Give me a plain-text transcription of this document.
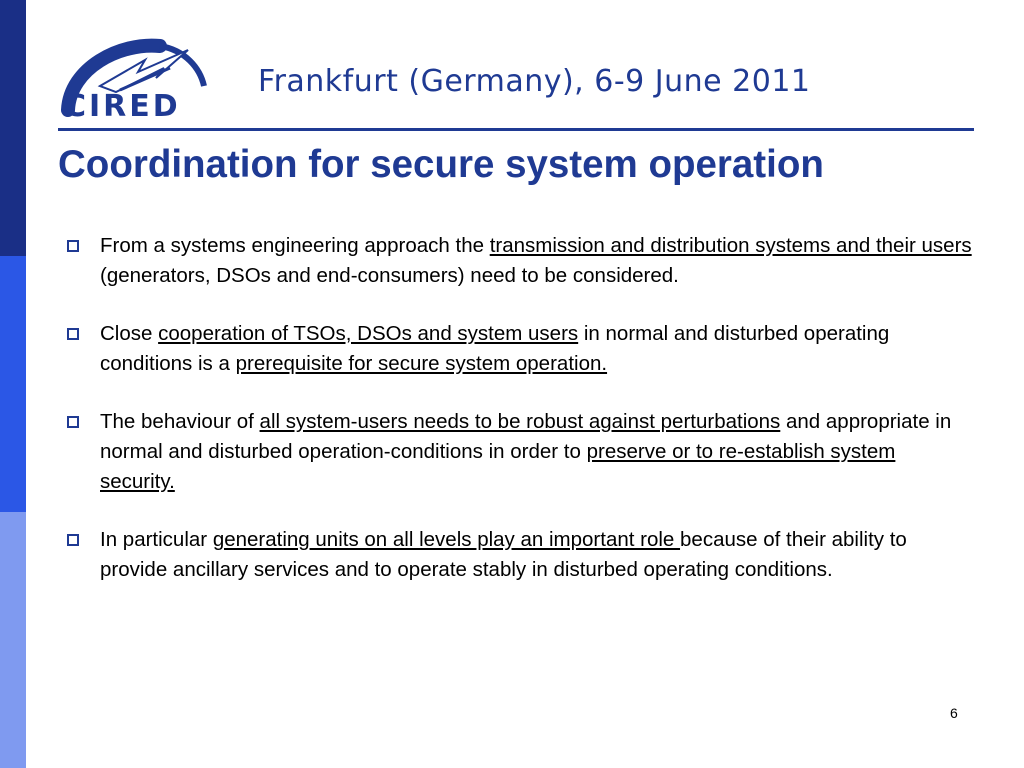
CIRED
Frankfurt (Germany), 6-9 June 2011
Coordination for secure system operation
From a systems engineering approach the transmission and distribution systems and their users (generators, DSOs and end-consumers) need to be considered.
Close cooperation of TSOs, DSOs and system users in normal and disturbed operating conditions is a prerequisite for secure system operation.
The behaviour of all system-users needs to be robust against perturbations and appropriate in normal and disturbed operation-conditions in order to preserve or to re-establish system security.
In particular generating units on all levels play an important role because of their ability to provide ancillary services and to operate stably in disturbed operating conditions.
6
